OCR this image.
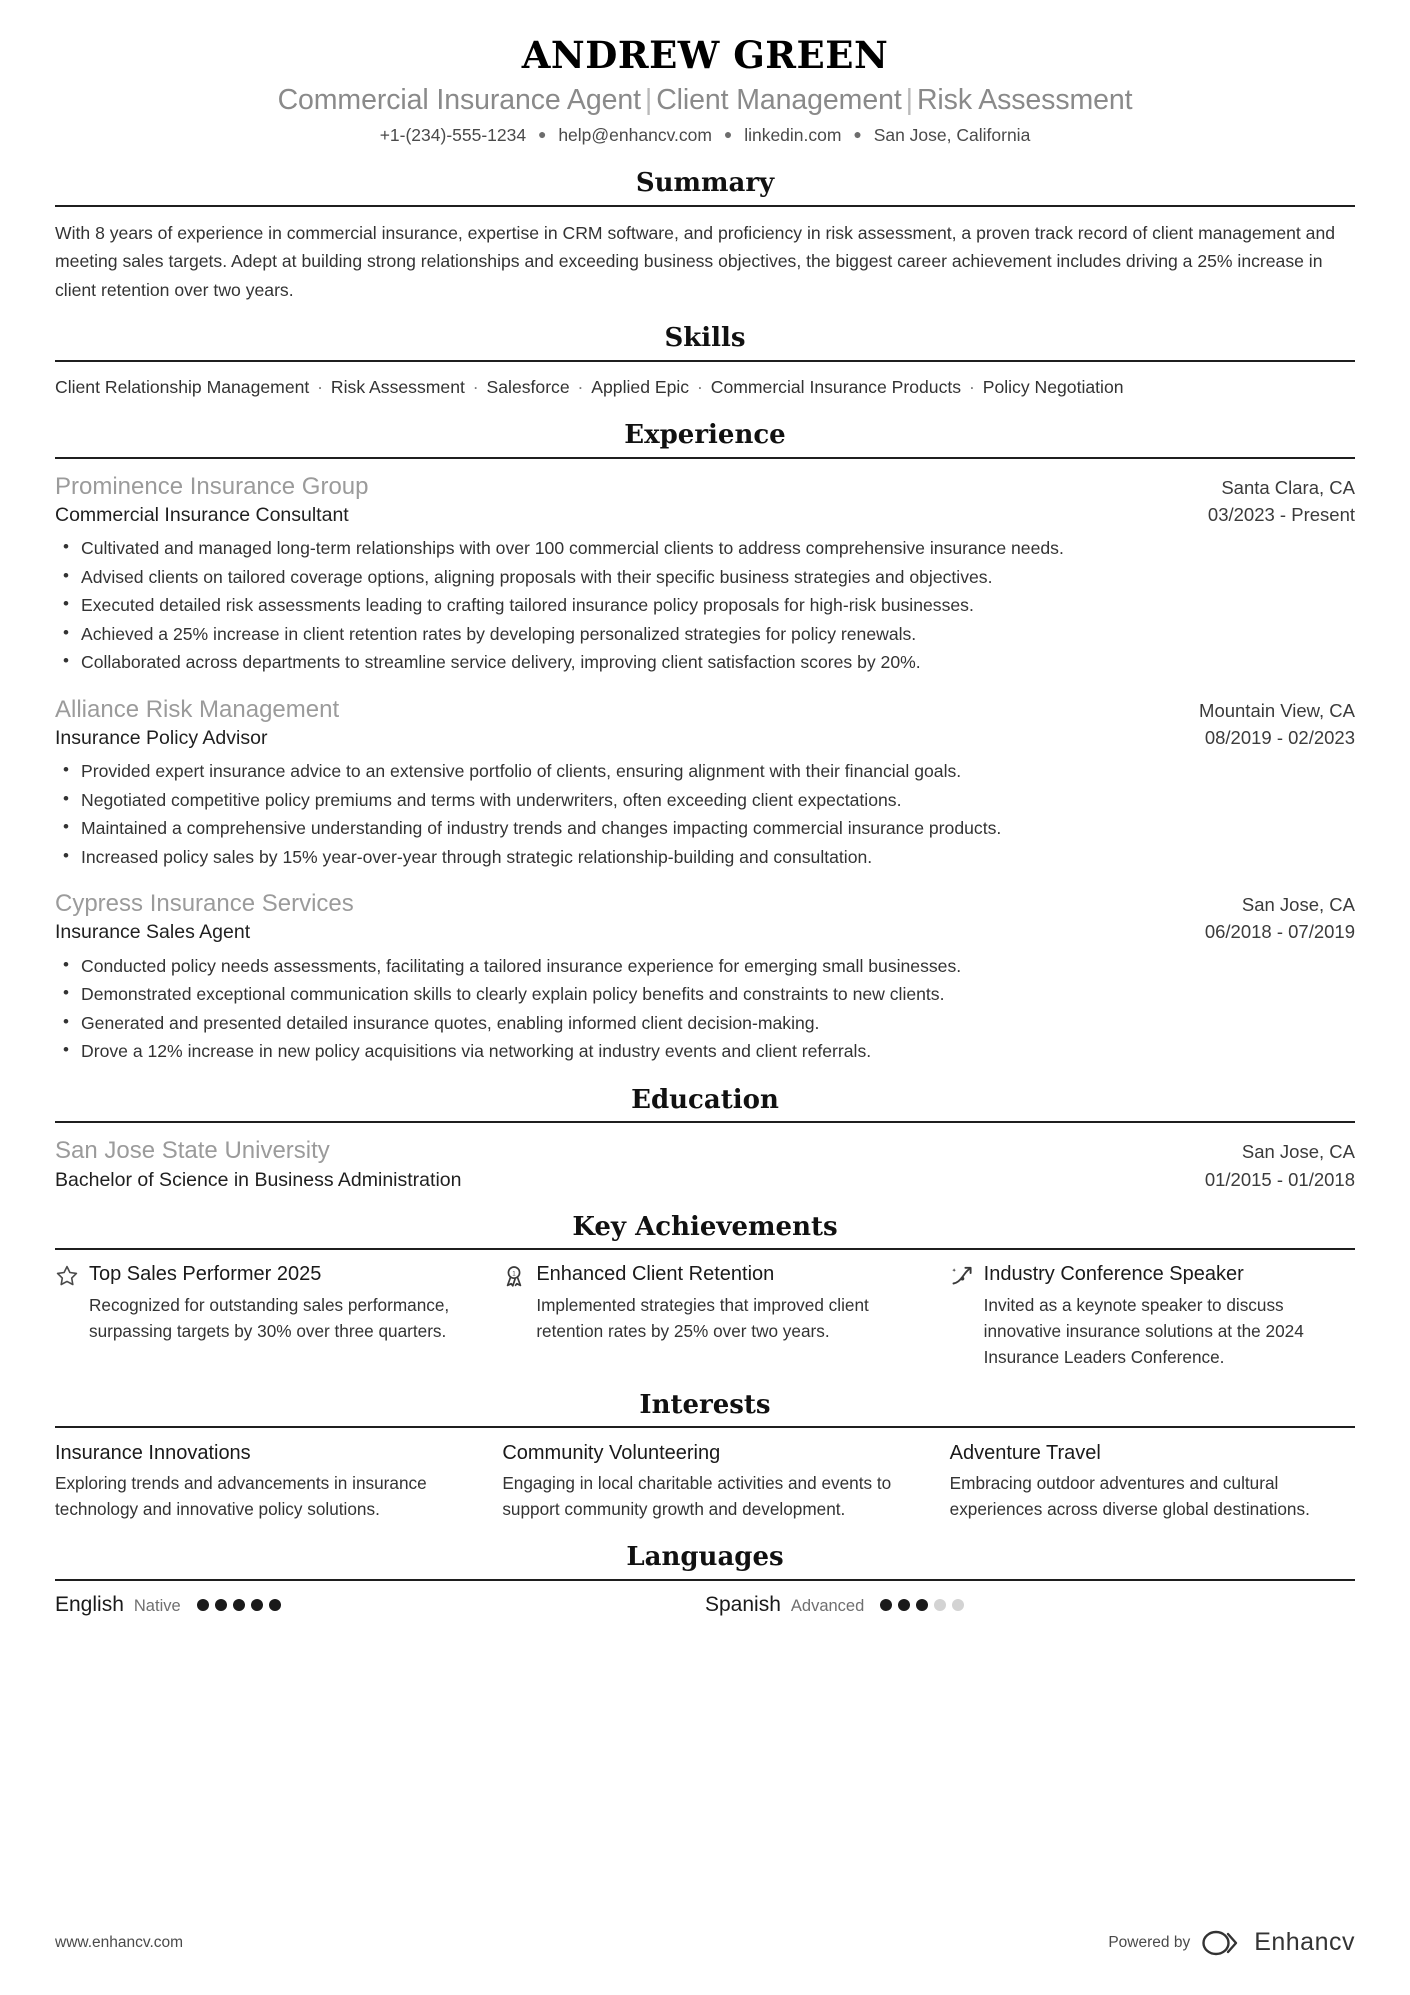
ANDREW GREEN
Commercial Insurance Agent | Client Management | Risk Assessment
+1-(234)-555-1234 ● help@enhancv.com ● linkedin.com ● San Jose, California
Summary

With 8 years of experience in commercial insurance, expertise in CRM software, and proficiency in risk assessment, a proven track record of client management and meeting sales targets. Adept at building strong relationships and exceeding business objectives, the biggest career achievement includes driving a 25% increase in client retention over two years.

Skills

Client Relationship Management · Risk Assessment · Salesforce · Applied Epic · Commercial Insurance Products · Policy Negotiation

Experience
Prominence Insurance Group	Santa Clara, CA
Commercial Insurance Consultant	03/2023 - Present
• Cultivated and managed long-term relationships with over 100 commercial clients to address comprehensive insurance needs.
• Advised clients on tailored coverage options, aligning proposals with their specific business strategies and objectives.
• Executed detailed risk assessments leading to crafting tailored insurance policy proposals for high-risk businesses.
• Achieved a 25% increase in client retention rates by developing personalized strategies for policy renewals.
• Collaborated across departments to streamline service delivery, improving client satisfaction scores by 20%.
Alliance Risk Management	Mountain View, CA
Insurance Policy Advisor	08/2019 - 02/2023
• Provided expert insurance advice to an extensive portfolio of clients, ensuring alignment with their financial goals.
• Negotiated competitive policy premiums and terms with underwriters, often exceeding client expectations.
• Maintained a comprehensive understanding of industry trends and changes impacting commercial insurance products.
• Increased policy sales by 15% year-over-year through strategic relationship-building and consultation.
Cypress Insurance Services	San Jose, CA
Insurance Sales Agent	06/2018 - 07/2019
• Conducted policy needs assessments, facilitating a tailored insurance experience for emerging small businesses.
• Demonstrated exceptional communication skills to clearly explain policy benefits and constraints to new clients.
• Generated and presented detailed insurance quotes, enabling informed client decision-making.
• Drove a 12% increase in new policy acquisitions via networking at industry events and client referrals.
Education
San Jose State University	San Jose, CA
Bachelor of Science in Business Administration	01/2015 - 01/2018
Key Achievements
Top Sales Performer 2025
Recognized for outstanding sales performance, surpassing targets by 30% over three quarters.
1 Enhanced Client Retention
Implemented strategies that improved client retention rates by 25% over two years.
Industry Conference Speaker
Invited as a keynote speaker to discuss innovative insurance solutions at the 2024 Insurance Leaders Conference.
Interests
Insurance Innovations
Exploring trends and advancements in insurance technology and innovative policy solutions.
Community Volunteering
Engaging in local charitable activities and events to support community growth and development.
Adventure Travel
Embracing outdoor adventures and cultural experiences across diverse global destinations.
Languages
English Native	Spanish Advanced
www.enhancv.com	Powered by	Enhancv
